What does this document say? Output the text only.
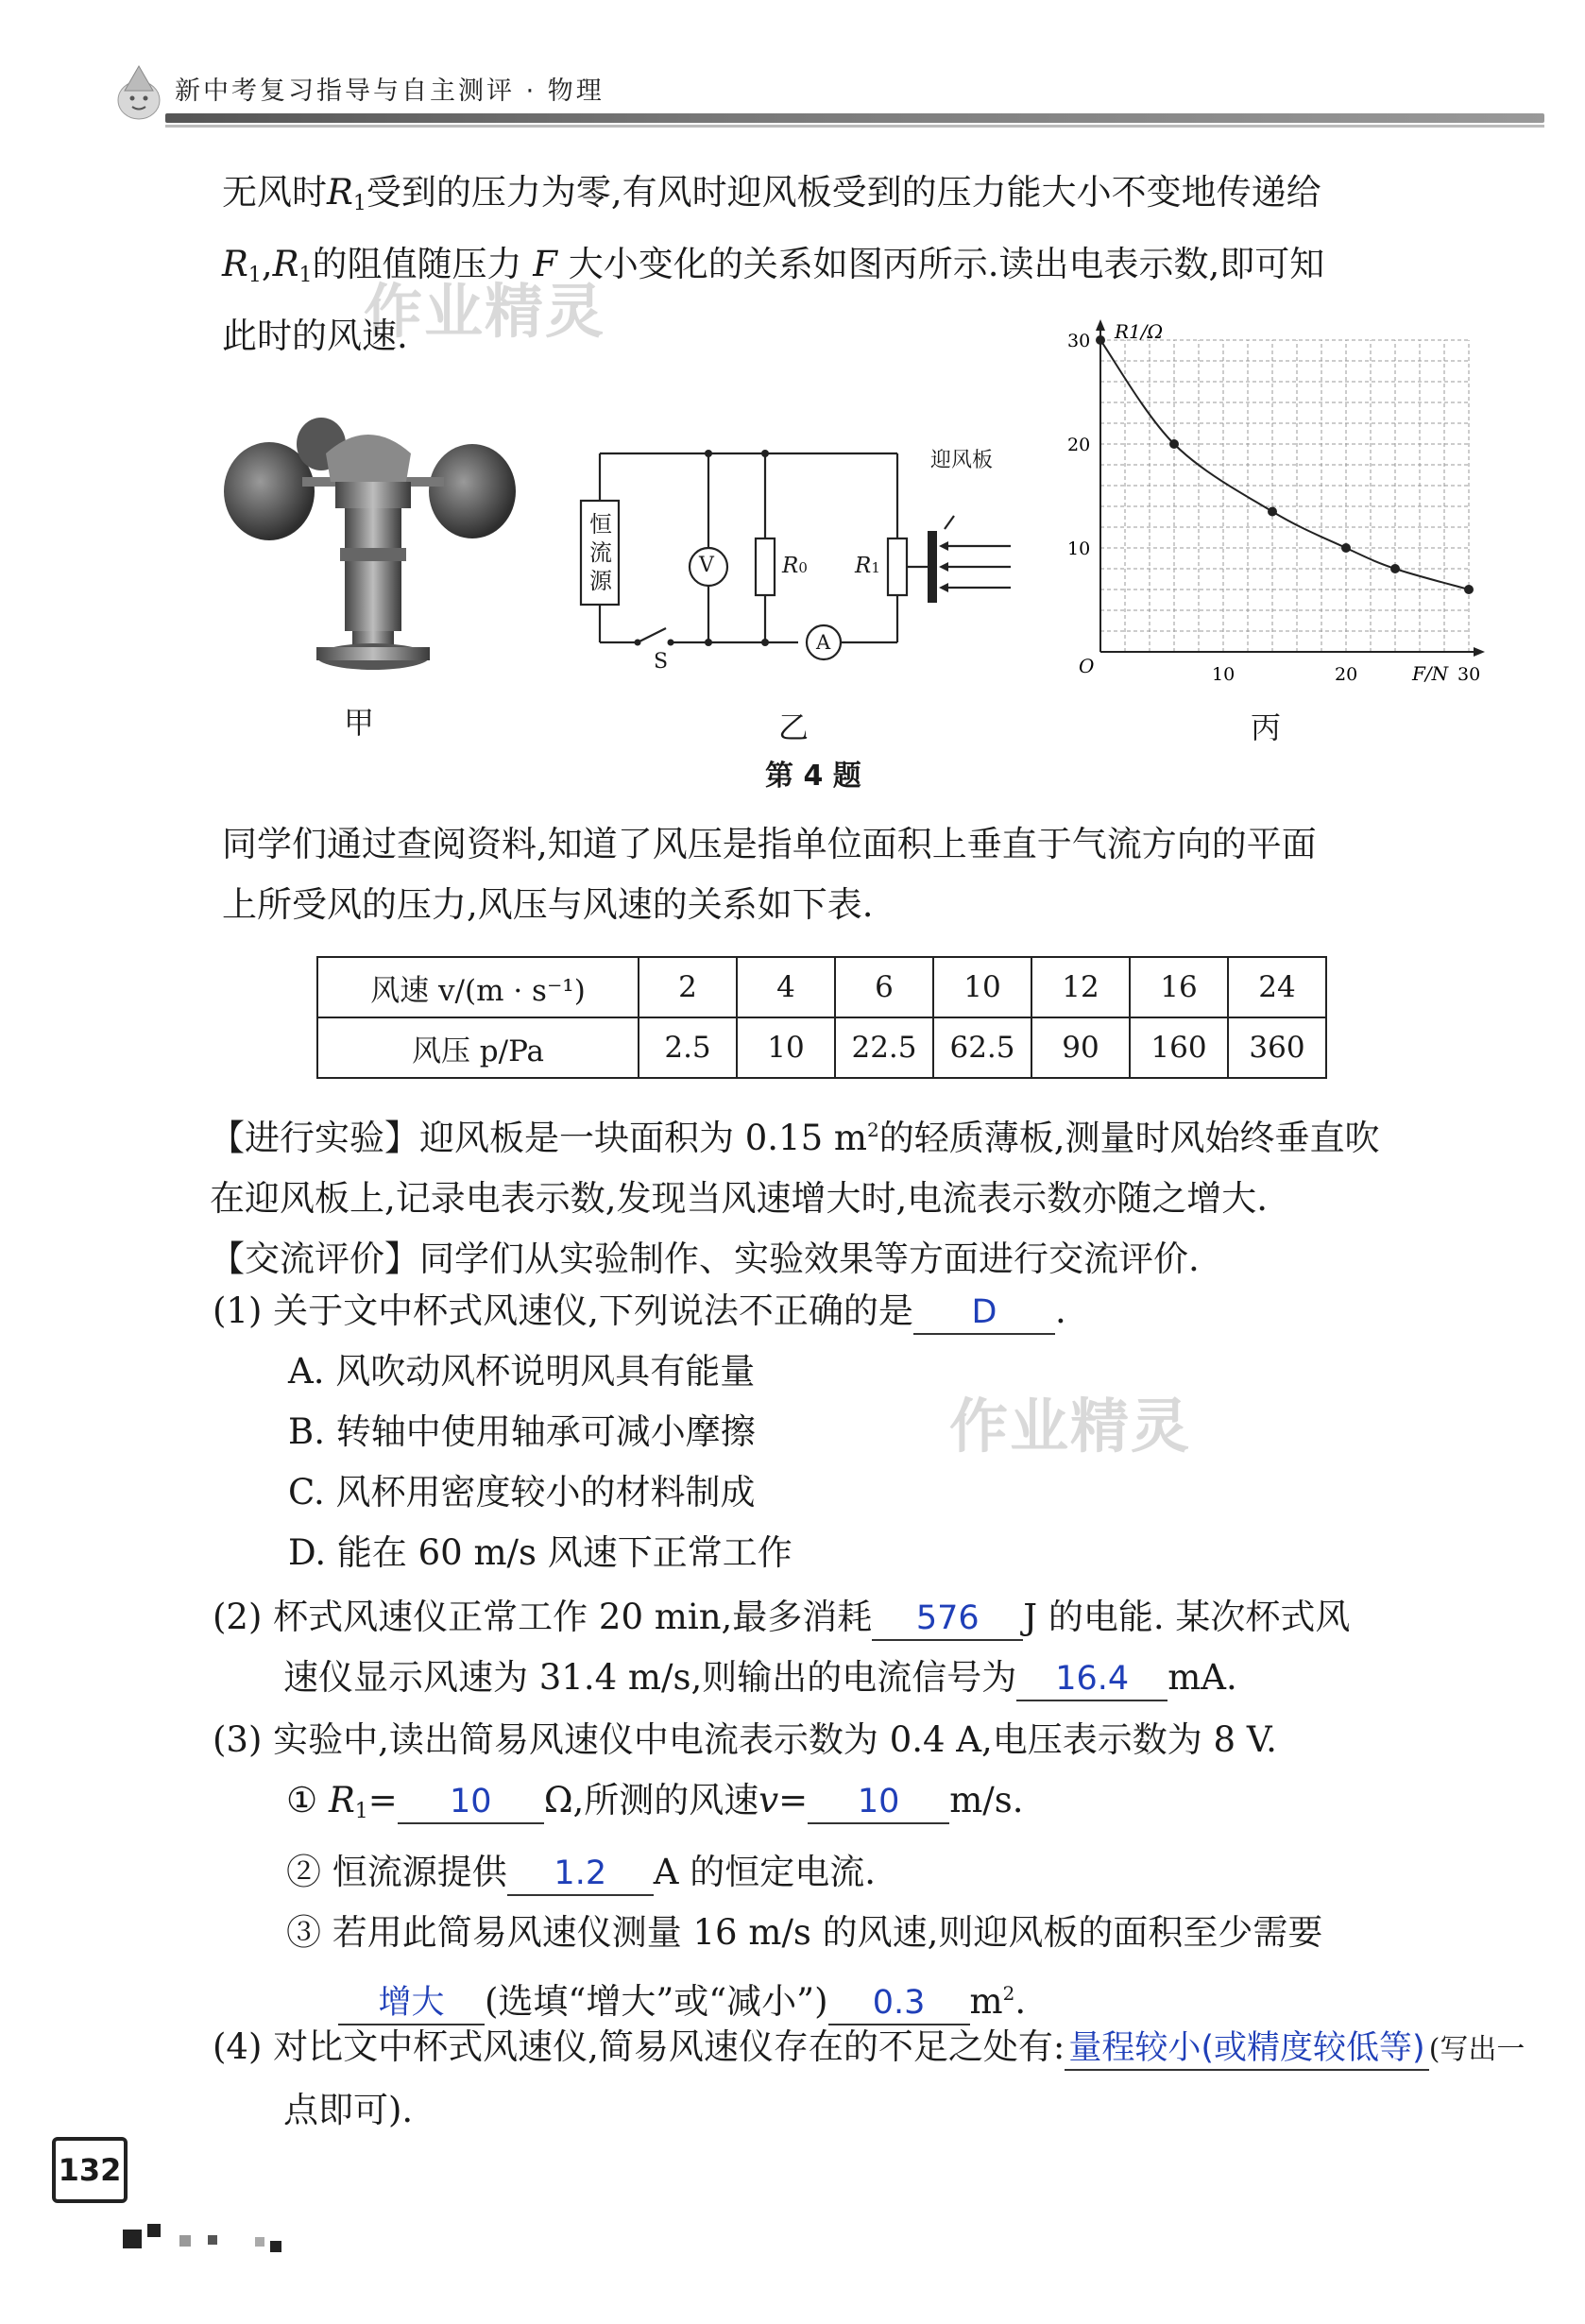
新中考复习指导与自主测评 · 物理
作业精灵
作业精灵
无风时$R_1$受到的压力为零,有风时迎风板受到的压力能大小不变地传递给
$R_1,R_1$的阻值随压力 F 大小变化的关系如图丙所示.读出电表示数,即可知
此时的风速.
甲
恒
流
源
V
A
R0 R1
S
迎风板
乙
R1/Ω
F/N
O	10	20	30
10
20
30
丙
第 4 题
同学们通过查阅资料,知道了风压是指单位面积上垂直于气流方向的平面
上所受风的压力,风压与风速的关系如下表.
风速 v/(m · s⁻¹)	2	4	6	10	12	16	24
风压 p/Pa	2.5	10	22.5	62.5	90	160	360
【进行实验】迎风板是一块面积为 0.15 $m^2$的轻质薄板,测量时风始终垂直吹
在迎风板上,记录电表示数,发现当风速增大时,电流表示数亦随之增大.
【交流评价】同学们从实验制作、实验效果等方面进行交流评价.
(1) 关于文中杯式风速仪,下列说法不正确的是 D .
A. 风吹动风杯说明风具有能量
B. 转轴中使用轴承可减小摩擦
C. 风杯用密度较小的材料制成
D. 能在 60 m/s 风速下正常工作
(2) 杯式风速仪正常工作 20 min,最多消耗 576 J 的电能. 某次杯式风
速仪显示风速为 31.4 m/s,则输出的电流信号为 16.4 mA.
(3) 实验中,读出简易风速仪中电流表示数为 0.4 A,电压表示数为 8 V.
① $R_1= 10$ Ω,所测的风速v= 10 m/s.
② 恒流源提供 1.2 A 的恒定电流.
③ 若用此简易风速仪测量 16 m/s 的风速,则迎风板的面积至少需要
增大 (选填“增大”或“减小”) 0.3 $m^2$.
(4) 对比文中杯式风速仪,简易风速仪存在的不足之处有: 量程较小(或精度较低等) (写出一
点即可).
132
